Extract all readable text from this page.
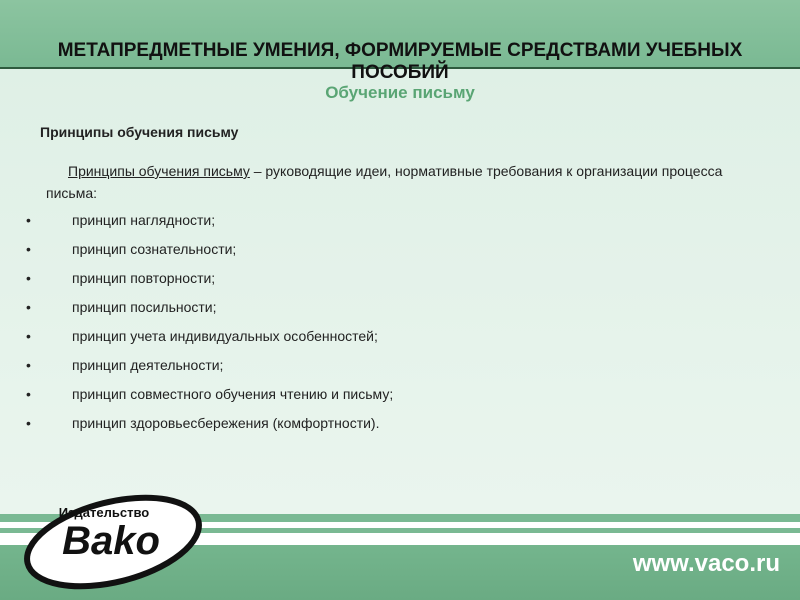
МЕТАПРЕДМЕТНЫЕ УМЕНИЯ, ФОРМИРУЕМЫЕ СРЕДСТВАМИ УЧЕБНЫХ ПОСОБИЙ
Обучение письму
Принципы обучения письму
Принципы обучения письму – руководящие идеи, нормативные требования к организации процесса письма:
• принцип наглядности;
• принцип сознательности;
• принцип повторности;
• принцип посильности;
• принцип учета индивидуальных особенностей;
• принцип деятельности;
• принцип совместного обучения чтению и письму;
• принцип здоровьесбережения (комфортности).
Издательство
Bako
www.vaco.ru
